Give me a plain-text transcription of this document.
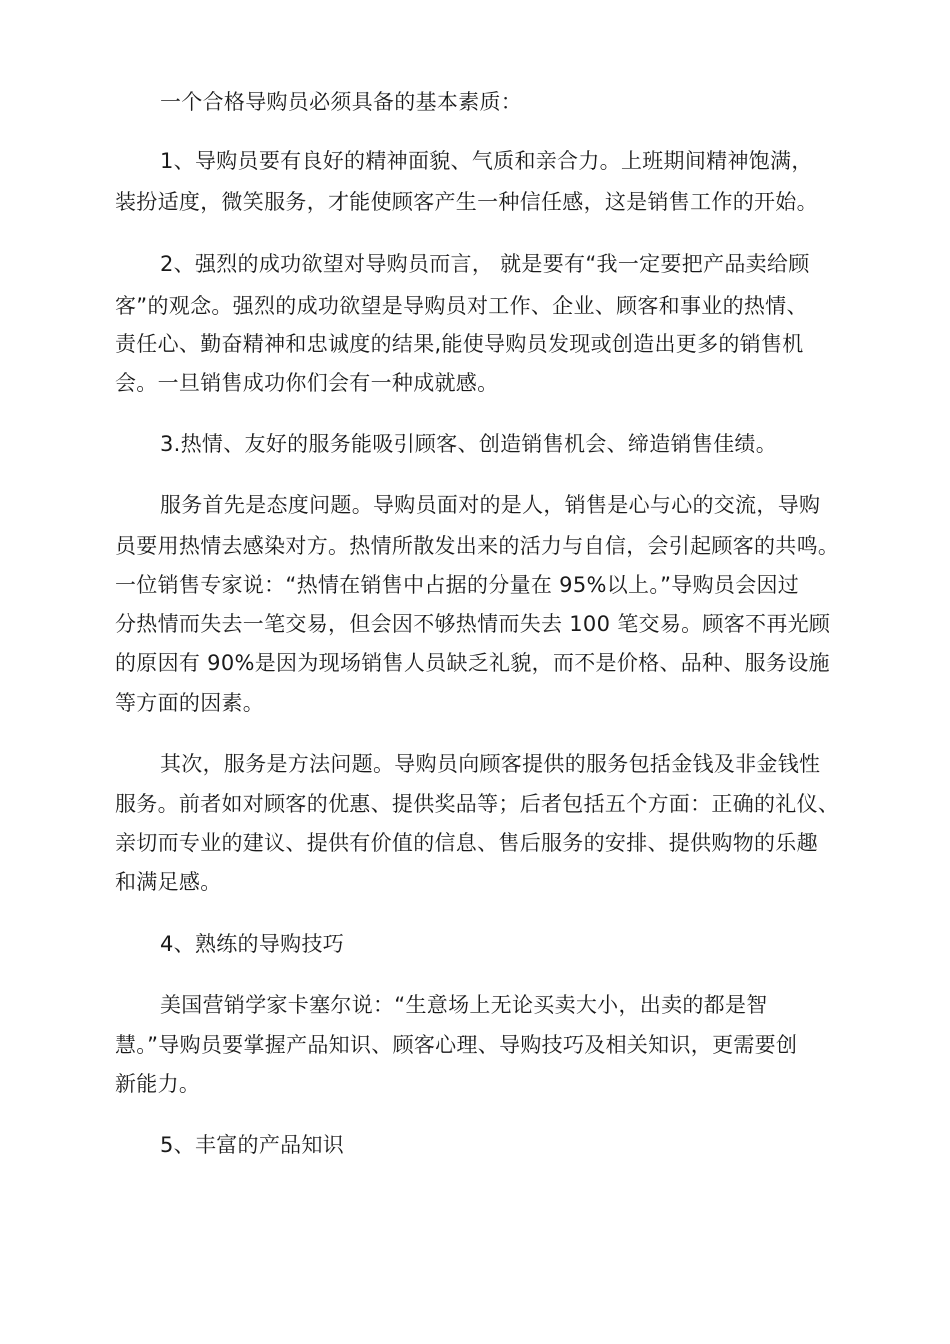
一个合格导购员必须具备的基本素质：
1、导购员要有良好的精神面貌、气质和亲合力。上班期间精神饱满，
装扮适度，微笑服务，才能使顾客产生一种信任感，这是销售工作的开始。
2、强烈的成功欲望对导购员而言， 就是要有“我一定要把产品卖给顾
客”的观念。强烈的成功欲望是导购员对工作、企业、顾客和事业的热情、
责任心、勤奋精神和忠诚度的结果,能使导购员发现或创造出更多的销售机
会。一旦销售成功你们会有一种成就感。
3.热情、友好的服务能吸引顾客、创造销售机会、缔造销售佳绩。
服务首先是态度问题。导购员面对的是人，销售是心与心的交流，导购
员要用热情去感染对方。热情所散发出来的活力与自信，会引起顾客的共鸣。
一位销售专家说：“热情在销售中占据的分量在 95%以上。”导购员会因过
分热情而失去一笔交易，但会因不够热情而失去 100 笔交易。顾客不再光顾
的原因有 90%是因为现场销售人员缺乏礼貌，而不是价格、品种、服务设施
等方面的因素。
其次，服务是方法问题。导购员向顾客提供的服务包括金钱及非金钱性
服务。前者如对顾客的优惠、提供奖品等；后者包括五个方面：正确的礼仪、
亲切而专业的建议、提供有价值的信息、售后服务的安排、提供购物的乐趣
和满足感。
4、熟练的导购技巧
美国营销学家卡塞尔说：“生意场上无论买卖大小，出卖的都是智
慧。”导购员要掌握产品知识、顾客心理、导购技巧及相关知识，更需要创
新能力。
5、丰富的产品知识
